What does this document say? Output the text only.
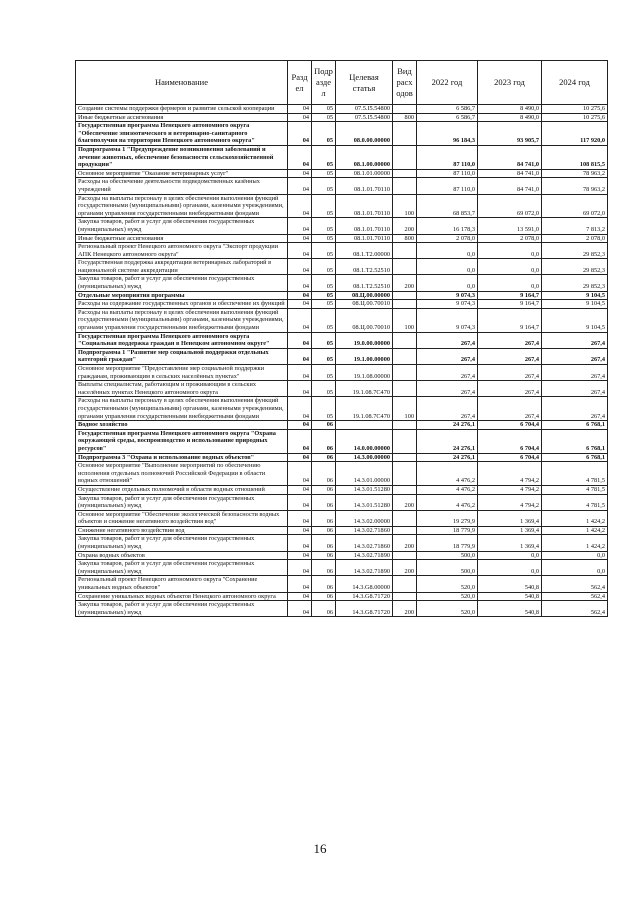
Наименование	Разд ел	Подр азде л	Целевая статья	Вид расх одов	2022 год	2023 год	2024 год
Создание системы поддержки фермеров и развитие сельской кооперации	04	05	07.5.I5.54800		6 586,7	8 490,0	10 275,6
Иные бюджетные ассигнования	04	05	07.5.I5.54800	800	6 586,7	8 490,0	10 275,6
Государственная программа Ненецкого автономного округа "Обеспечение эпизоотического и ветеринарно-санитарного благополучия на территории Ненецкого автономного округа"	04	05	08.0.00.00000		96 184,3	93 905,7	117 920,0
Подпрограмма 1 "Предупреждение возникновения заболеваний и лечение животных, обеспечение безопасности сельскохозяйственной продукции"	04	05	08.1.00.00000		87 110,0	84 741,0	108 815,5
Основное мероприятие "Оказание ветеринарных услуг"	04	05	08.1.01.00000		87 110,0	84 741,0	78 963,2
Расходы на обеспечение деятельности подведомственных казённых учреждений	04	05	08.1.01.70110		87 110,0	84 741,0	78 963,2
Расходы на выплаты персоналу в целях обеспечения выполнения функций государственными (муниципальными) органами, казенными учреждениями, органами управления государственными внебюджетными фондами	04	05	08.1.01.70110	100	68 853,7	69 072,0	69 072,0
Закупка товаров, работ и услуг для обеспечения государственных (муниципальных) нужд	04	05	08.1.01.70110	200	16 178,3	13 591,0	7 813,2
Иные бюджетные ассигнования	04	05	08.1.01.70110	800	2 078,0	2 078,0	2 078,0
Региональный проект Ненецкого автономного округа "Экспорт продукции АПК Ненецкого автономного округа"	04	05	08.1.T2.00000		0,0	0,0	29 852,3
Государственная поддержка аккредитации ветеринарных лабораторий в национальной системе аккредитации	04	05	08.1.T2.52510		0,0	0,0	29 852,3
Закупка товаров, работ и услуг для обеспечения государственных (муниципальных) нужд	04	05	08.1.T2.52510	200	0,0	0,0	29 852,3
Отдельные мероприятия программы	04	05	08.Ц.00.00000		9 074,3	9 164,7	9 104,5
Расходы на содержание государственных органов и обеспечение их функций	04	05	08.Ц.00.70010		9 074,3	9 164,7	9 104,5
Расходы на выплаты персоналу в целях обеспечения выполнения функций государственными (муниципальными) органами, казенными учреждениями, органами управления государственными внебюджетными фондами	04	05	08.Ц.00.70010	100	9 074,3	9 164,7	9 104,5
Государственная программа Ненецкого автономного округа "Социальная поддержка граждан в Ненецком автономном округе"	04	05	19.0.00.00000		267,4	267,4	267,4
Подпрограмма 1 "Развитие мер социальной поддержки отдельных категорий граждан"	04	05	19.1.00.00000		267,4	267,4	267,4
Основное мероприятие "Предоставление мер социальной поддержки гражданам, проживающим в сельских населённых пунктах"	04	05	19.1.08.00000		267,4	267,4	267,4
Выплаты специалистам, работающим и проживающим в сельских населённых пунктах Ненецкого автономного округа	04	05	19.1.08.7С470		267,4	267,4	267,4
Расходы на выплаты персоналу в целях обеспечения выполнения функций государственными (муниципальными) органами, казенными учреждениями, органами управления государственными внебюджетными фондами	04	05	19.1.08.7С470	100	267,4	267,4	267,4
Водное хозяйство	04	06			24 276,1	6 704,4	6 768,1
Государственная программа Ненецкого автономного округа "Охрана окружающей среды, воспроизводство и использование природных ресурсов"	04	06	14.0.00.00000		24 276,1	6 704,4	6 768,1
Подпрограмма 3 "Охрана и использование водных объектов"	04	06	14.3.00.00000		24 276,1	6 704,4	6 768,1
Основное мероприятие "Выполнение мероприятий по обеспечению исполнения отдельных полномочий Российской Федерации в области водных отношений"	04	06	14.3.01.00000		4 476,2	4 794,2	4 781,5
Осуществление отдельных полномочий в области водных отношений	04	06	14.3.01.51280		4 476,2	4 794,2	4 781,5
Закупка товаров, работ и услуг для обеспечения государственных (муниципальных) нужд	04	06	14.3.01.51280	200	4 476,2	4 794,2	4 781,5
Основное мероприятие "Обеспечение экологической безопасности водных объектов и снижение негативного воздействия вод"	04	06	14.3.02.00000		19 279,9	1 369,4	1 424,2
Снижение негативного воздействия вод	04	06	14.3.02.71860		18 779,9	1 369,4	1 424,2
Закупка товаров, работ и услуг для обеспечения государственных (муниципальных) нужд	04	06	14.3.02.71860	200	18 779,9	1 369,4	1 424,2
Охрана водных объектов	04	06	14.3.02.71890		500,0	0,0	0,0
Закупка товаров, работ и услуг для обеспечения государственных (муниципальных) нужд	04	06	14.3.02.71890	200	500,0	0,0	0,0
Региональный проект Ненецкого автономного округа "Сохранение уникальных водных объектов"	04	06	14.3.G8.00000		520,0	540,8	562,4
Сохранение уникальных водных объектов Ненецкого автономного округа	04	06	14.3.G8.71720		520,0	540,8	562,4
Закупка товаров, работ и услуг для обеспечения государственных (муниципальных) нужд	04	06	14.3.G8.71720	200	520,0	540,8	562,4
16
